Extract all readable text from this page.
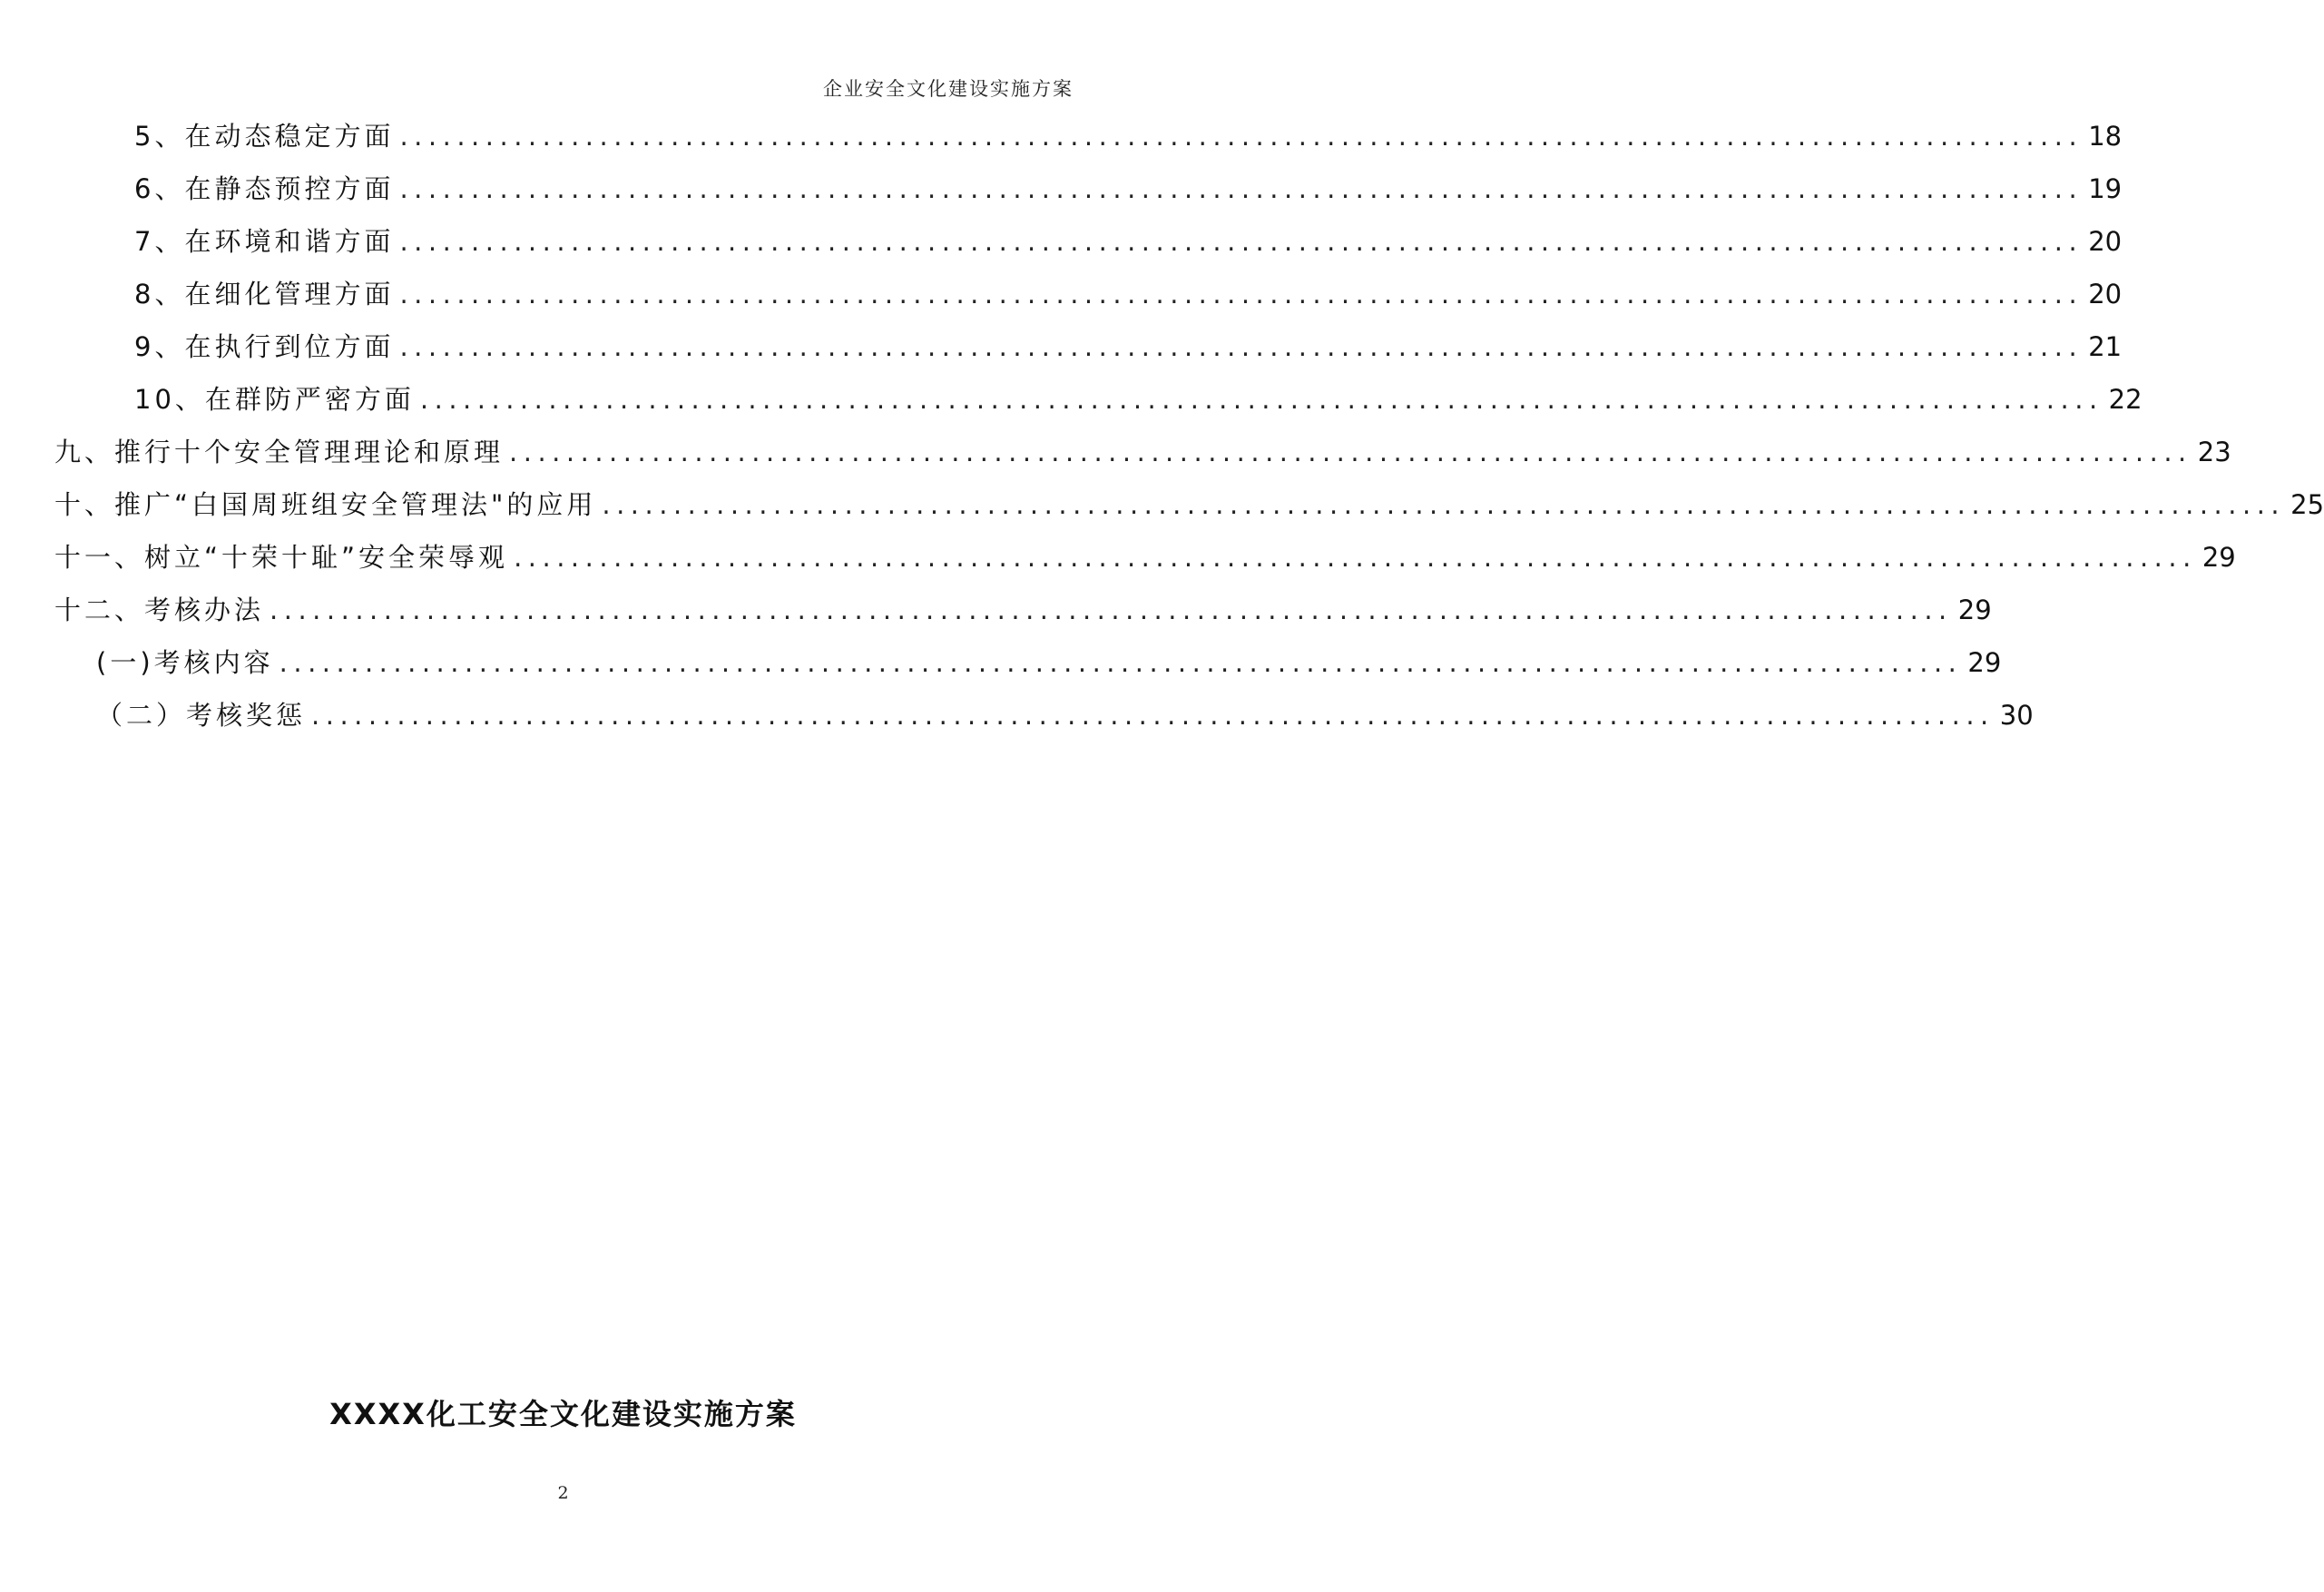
企业安全文化建设实施方案
5、在动态稳定方面 ...................................................................................................................... 18
6、在静态预控方面 ...................................................................................................................... 19
7、在环境和谐方面 ...................................................................................................................... 20
8、在细化管理方面 ...................................................................................................................... 20
9、在执行到位方面 ...................................................................................................................... 21
10、在群防严密方面 ...................................................................................................................... 22
九、推行十个安全管理理论和原理 ...................................................................................................................... 23
十、推广“白国周班组安全管理法"的应用 ...................................................................................................................... 25
十一、树立“十荣十耻”安全荣辱观 ...................................................................................................................... 29
十二、考核办法 ...................................................................................................................... 29
(一)考核内容 ...................................................................................................................... 29
（二）考核奖惩 ...................................................................................................................... 30
XXXX化工安全文化建设实施方案
2
